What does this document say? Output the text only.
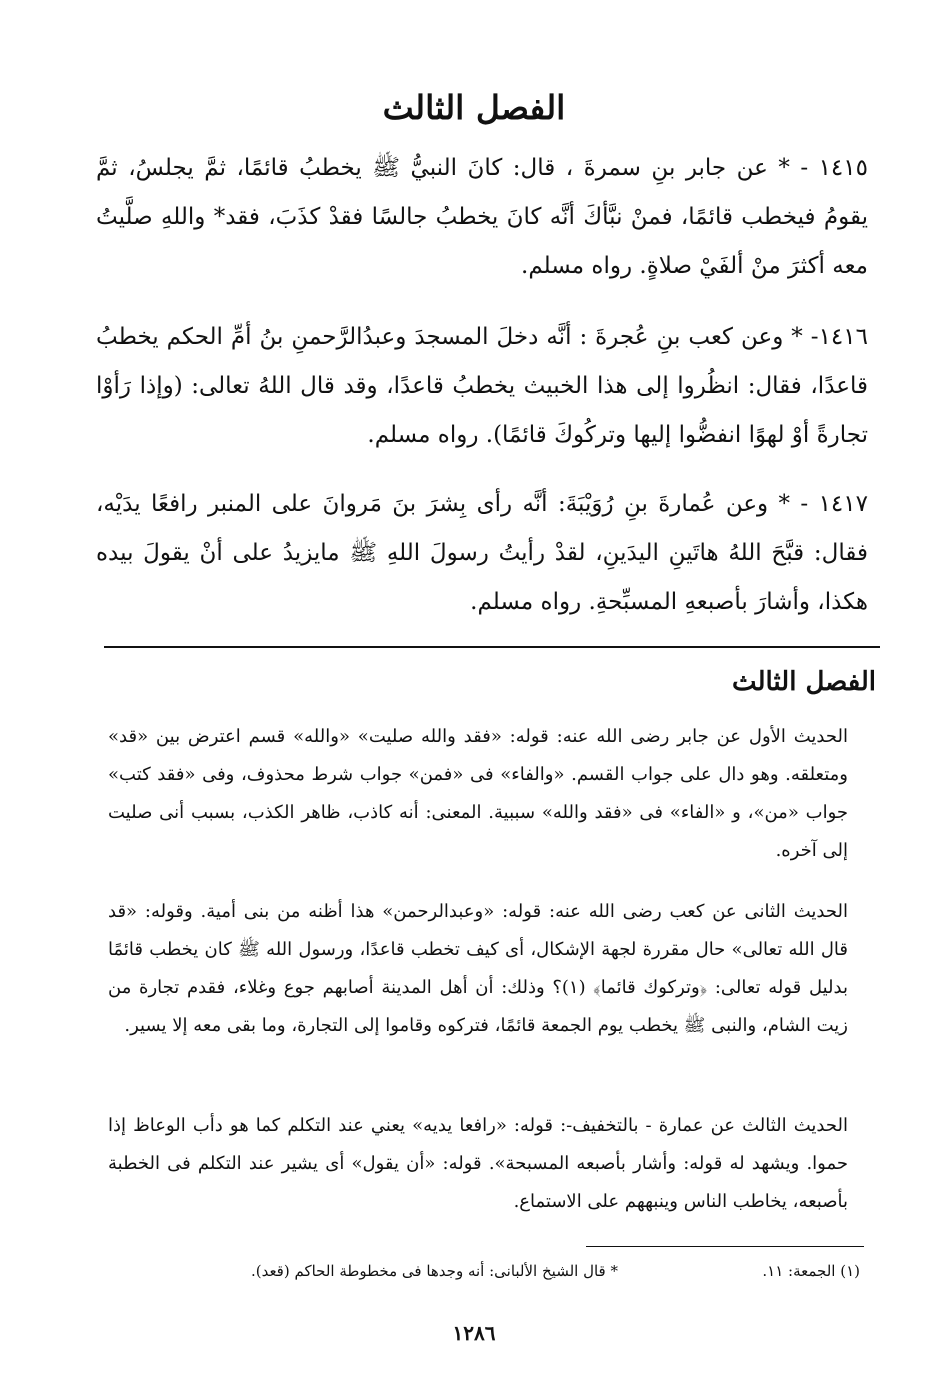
الفصل الثالث

١٤١٥ - * عن جابر بنِ سمرةَ ، قال: كانَ النبيُّ ﷺ يخطبُ قائمًا، ثمَّ يجلسُ، ثمَّ يقومُ فيخطب قائمًا، فمنْ نبَّأكَ أنَّه كانَ يخطبُ جالسًا فقدْ كذَبَ، فقد* واللهِ صلَّيتُ معه أكثرَ منْ ألفَيْ صلاةٍ. رواه مسلم.

١٤١٦- * وعن كعب بنِ عُجرةَ : أنَّه دخلَ المسجدَ وعبدُالرَّحمنِ بنُ أمِّ الحكم يخطبُ قاعدًا، فقال: انظُروا إلى هذا الخبيث يخطبُ قاعدًا، وقد قال اللهُ تعالى: (وإذا رَأوْا تجارةً أوْ لهوًا انفضُّوا إليها وتركُوكَ قائمًا). رواه مسلم.

١٤١٧ - * وعن عُمارةَ بنِ رُوَيْبَةَ: أنَّه رأى بِشرَ بنَ مَروانَ على المنبر رافعًا يدَيْه، فقال: قبَّحَ اللهُ هاتَينِ اليدَينِ، لقدْ رأيتُ رسولَ اللهِ ﷺ مايزيدُ على أنْ يقولَ بيده هكذا، وأشارَ بأصبعهِ المسبِّحةِ. رواه مسلم.

الفصل الثالث

الحديث الأول عن جابر رضى الله عنه: قوله: «فقد والله صليت» «والله» قسم اعترض بين «قد» ومتعلقه. وهو دال على جواب القسم. «والفاء» فى «فمن» جواب شرط محذوف، وفى «فقد كتب» جواب «من»، و «الفاء» فى «فقد والله» سببية. المعنى: أنه كاذب، ظاهر الكذب، بسبب أنى صليت إلى آخره.

الحديث الثانى عن كعب رضى الله عنه: قوله: «وعبدالرحمن» هذا أظنه من بنى أمية. وقوله: «قد قال الله تعالى» حال مقررة لجهة الإشكال، أى كيف تخطب قاعدًا، ورسول الله ﷺ كان يخطب قائمًا بدليل قوله تعالى: ﴿وتركوك قائما﴾ (١)؟ وذلك: أن أهل المدينة أصابهم جوع وغلاء، فقدم تجارة من زيت الشام، والنبى ﷺ يخطب يوم الجمعة قائمًا، فتركوه وقاموا إلى التجارة، وما بقى معه إلا يسير.

الحديث الثالث عن عمارة - بالتخفيف-: قوله: «رافعا يديه» يعني عند التكلم كما هو دأب الوعاظ إذا حموا. ويشهد له قوله: وأشار بأصبعه المسبحة». قوله: «أن يقول» أى يشير عند التكلم فى الخطبة بأصبعه، يخاطب الناس وينبههم على الاستماع.

(١) الجمعة: ١١.

* قال الشيخ الألبانى: أنه وجدها فى مخطوطة الحاكم (قعد).

١٢٨٦
